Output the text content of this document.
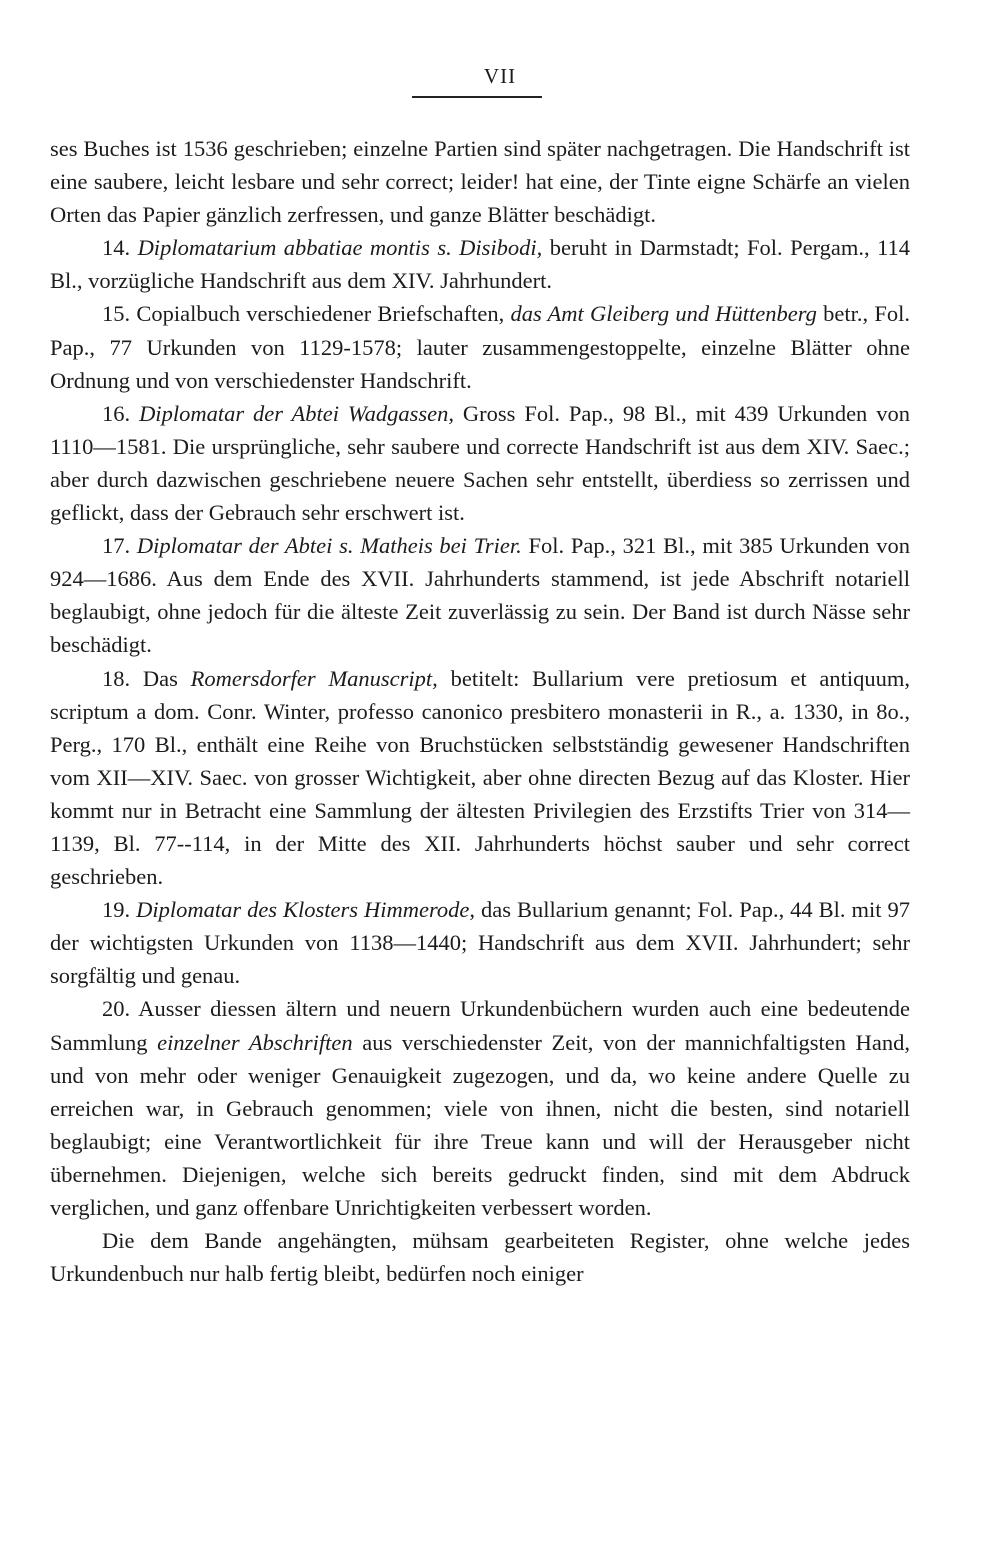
VII

ses Buches ist 1536 geschrieben; einzelne Partien sind später nachgetragen. Die Handschrift ist eine saubere, leicht lesbare und sehr correct; leider! hat eine, der Tinte eigne Schärfe an vielen Orten das Papier gänzlich zerfressen, und ganze Blätter beschädigt.

14. Diplomatarium abbatiae montis s. Disibodi, beruht in Darmstadt; Fol. Pergam., 114 Bl., vorzügliche Handschrift aus dem XIV. Jahrhundert.

15. Copialbuch verschiedener Briefschaften, das Amt Gleiberg und Hüttenberg betr., Fol. Pap., 77 Urkunden von 1129-1578; lauter zusammengestoppelte, einzelne Blätter ohne Ordnung und von verschiedenster Handschrift.

16. Diplomatar der Abtei Wadgassen, Gross Fol. Pap., 98 Bl., mit 439 Urkunden von 1110—1581. Die ursprüngliche, sehr saubere und correcte Handschrift ist aus dem XIV. Saec.; aber durch dazwischen geschriebene neuere Sachen sehr entstellt, überdiess so zerrissen und geflickt, dass der Gebrauch sehr erschwert ist.

17. Diplomatar der Abtei s. Matheis bei Trier. Fol. Pap., 321 Bl., mit 385 Urkunden von 924—1686. Aus dem Ende des XVII. Jahrhunderts stammend, ist jede Abschrift notariell beglaubigt, ohne jedoch für die älteste Zeit zuverlässig zu sein. Der Band ist durch Nässe sehr beschädigt.

18. Das Romersdorfer Manuscript, betitelt: Bullarium vere pretiosum et antiquum, scriptum a dom. Conr. Winter, professo canonico presbitero monasterii in R., a. 1330, in 8o., Perg., 170 Bl., enthält eine Reihe von Bruchstücken selbstständig gewesener Handschriften vom XII—XIV. Saec. von grosser Wichtigkeit, aber ohne directen Bezug auf das Kloster. Hier kommt nur in Betracht eine Sammlung der ältesten Privilegien des Erzstifts Trier von 314—1139, Bl. 77--114, in der Mitte des XII. Jahrhunderts höchst sauber und sehr correct geschrieben.

19. Diplomatar des Klosters Himmerode, das Bullarium genannt; Fol. Pap., 44 Bl. mit 97 der wichtigsten Urkunden von 1138—1440; Handschrift aus dem XVII. Jahrhundert; sehr sorgfältig und genau.

20. Ausser diessen ältern und neuern Urkundenbüchern wurden auch eine bedeutende Sammlung einzelner Abschriften aus verschiedenster Zeit, von der mannichfaltigsten Hand, und von mehr oder weniger Genauigkeit zugezogen, und da, wo keine andere Quelle zu erreichen war, in Gebrauch genommen; viele von ihnen, nicht die besten, sind notariell beglaubigt; eine Verantwortlichkeit für ihre Treue kann und will der Herausgeber nicht übernehmen. Diejenigen, welche sich bereits gedruckt finden, sind mit dem Abdruck verglichen, und ganz offenbare Unrichtigkeiten verbessert worden.

Die dem Bande angehängten, mühsam gearbeiteten Register, ohne welche jedes Urkundenbuch nur halb fertig bleibt, bedürfen noch einiger
